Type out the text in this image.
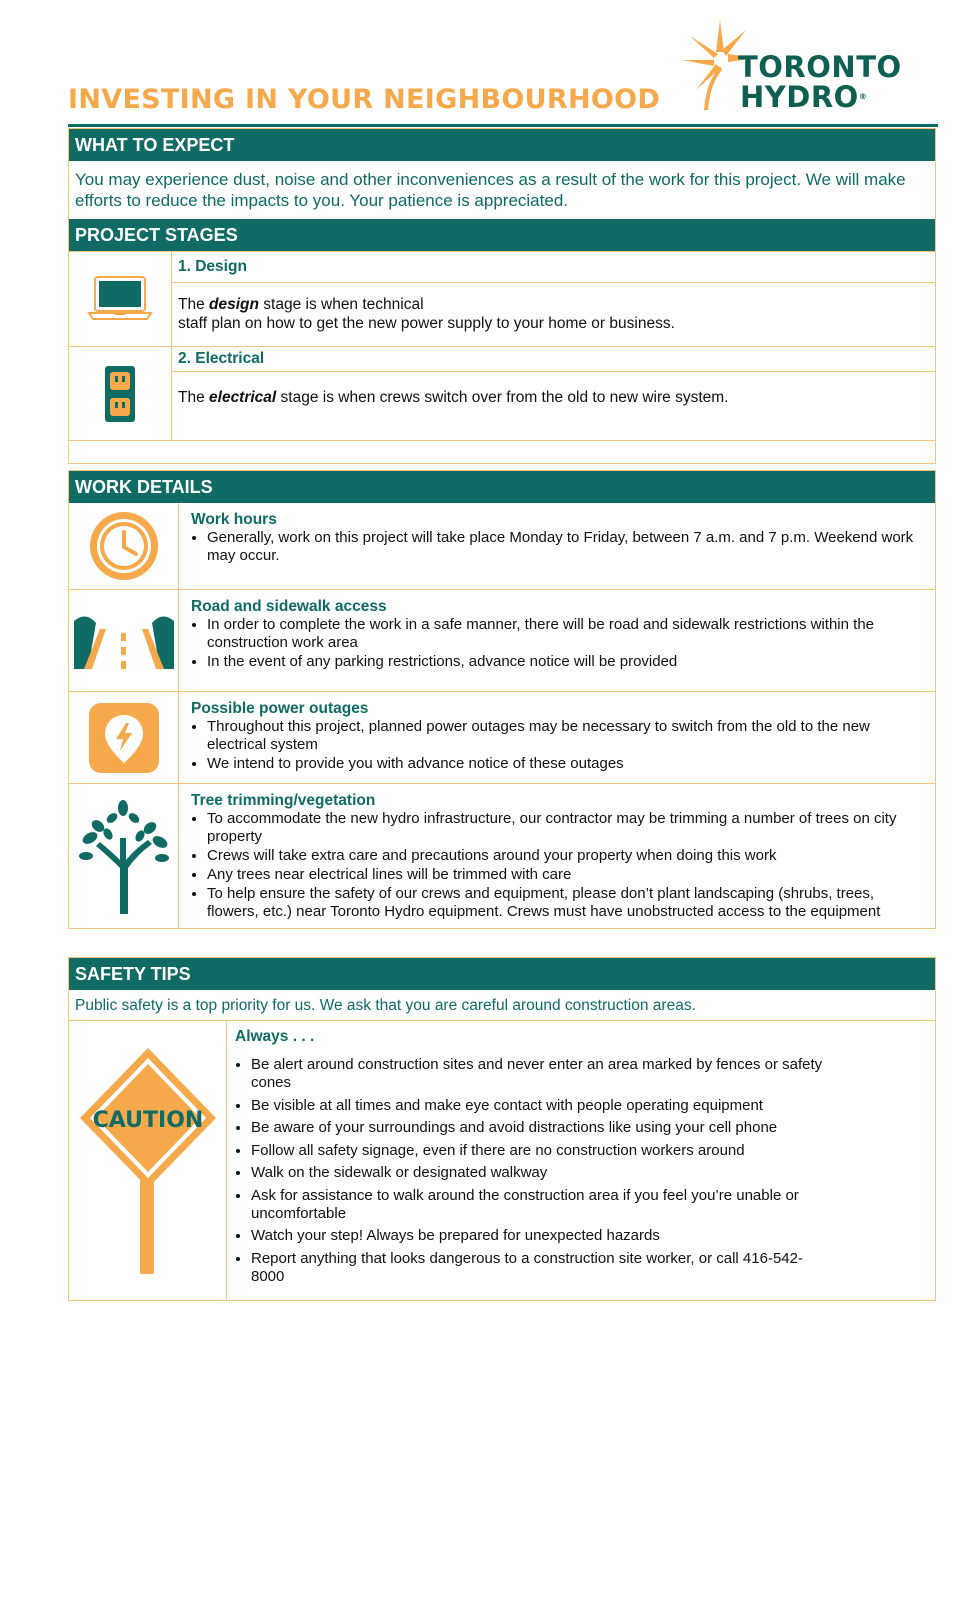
INVESTING IN YOUR NEIGHBOURHOOD
TORONTO
HYDRO®
WHAT TO EXPECT
You may experience dust, noise and other inconveniences as a result of the work for this project. We will make efforts to reduce the impacts to you. Your patience is appreciated.
PROJECT STAGES
1. Design
The design stage is when technical
staff plan on how to get the new power supply to your home or business.
2. Electrical
The electrical stage is when crews switch over from the old to new wire system.
WORK DETAILS
Work hours
• Generally, work on this project will take place Monday to Friday, between 7 a.m. and 7 p.m. Weekend work may occur.
Road and sidewalk access
• In order to complete the work in a safe manner, there will be road and sidewalk restrictions within the construction work area
• In the event of any parking restrictions, advance notice will be provided
Possible power outages
• Throughout this project, planned power outages may be necessary to switch from the old to the new electrical system
• We intend to provide you with advance notice of these outages
Tree trimming/vegetation
• To accommodate the new hydro infrastructure, our contractor may be trimming a number of trees on city property
• Crews will take extra care and precautions around your property when doing this work
• Any trees near electrical lines will be trimmed with care
• To help ensure the safety of our crews and equipment, please don’t plant landscaping (shrubs, trees, flowers, etc.) near Toronto Hydro equipment. Crews must have unobstructed access to the equipment
SAFETY TIPS
Public safety is a top priority for us. We ask that you are careful around construction areas.
CAUTION
Always . . .
• Be alert around construction sites and never enter an area marked by fences or safety cones
• Be visible at all times and make eye contact with people operating equipment
• Be aware of your surroundings and avoid distractions like using your cell phone
• Follow all safety signage, even if there are no construction workers around
• Walk on the sidewalk or designated walkway
• Ask for assistance to walk around the construction area if you feel you’re unable or uncomfortable
• Watch your step! Always be prepared for unexpected hazards
• Report anything that looks dangerous to a construction site worker, or call 416-542-8000
